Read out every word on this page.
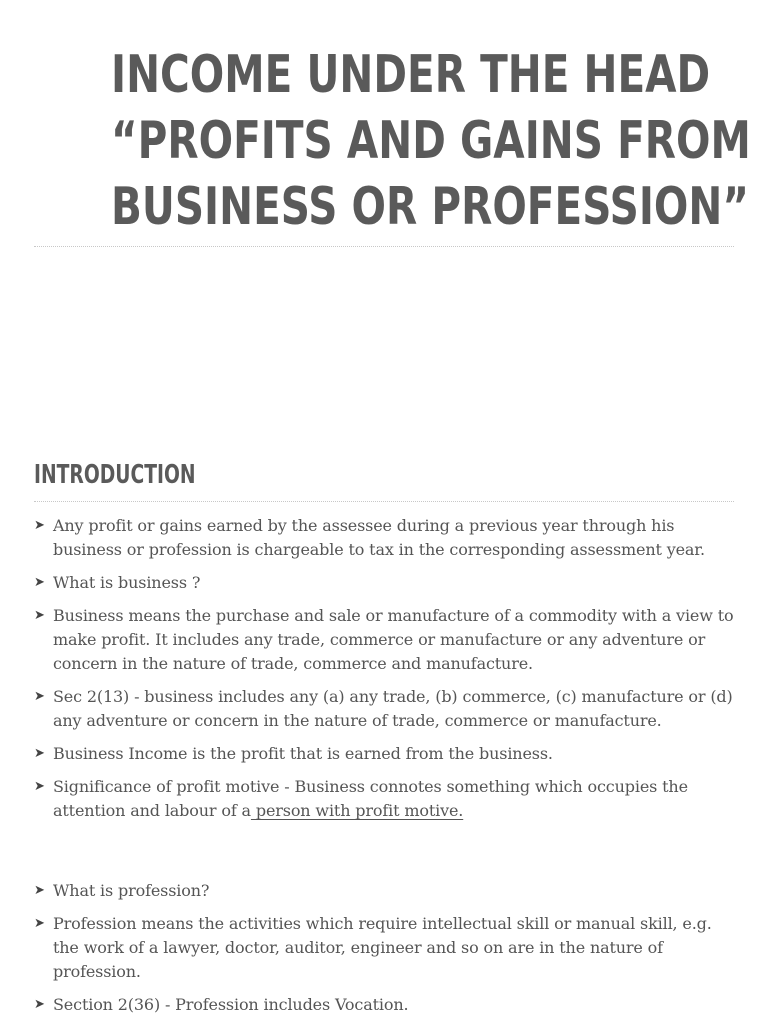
INCOME UNDER THE HEAD
“PROFITS AND GAINS FROM
BUSINESS OR PROFESSION”
INTRODUCTION
➤ Any profit or gains earned by the assessee during a previous year through his business or profession is chargeable to tax in the corresponding assessment year.
➤ What is business ?
➤ Business means the purchase and sale or manufacture of a commodity with a view to make profit. It includes any trade, commerce or manufacture or any adventure or concern in the nature of trade, commerce and manufacture.
➤ Sec 2(13) - business includes any (a) any trade, (b) commerce, (c) manufacture or (d) any adventure or concern in the nature of trade, commerce or manufacture.
➤ Business Income is the profit that is earned from the business.
➤ Significance of profit motive - Business connotes something which occupies the attention and labour of a person with profit motive.
➤ What is profession?
➤ Profession means the activities which require intellectual skill or manual skill, e.g. the work of a lawyer, doctor, auditor, engineer and so on are in the nature of profession.
➤ Section 2(36) - Profession includes Vocation.
